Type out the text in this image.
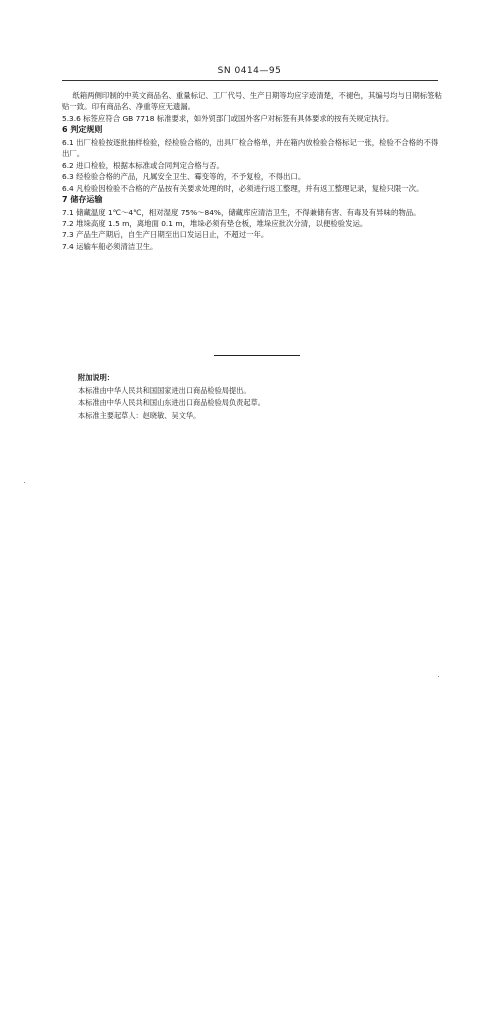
SN 0414—95

纸箱两侧印制的中英文商品名、重量标记、工厂代号、生产日期等均应字迹清楚，不褪色，其编号均与日期标签粘贴一致。印有商品名、净重等应无遗漏。

5.3.6 标签应符合 GB 7718 标准要求，如外贸部门或国外客户对标签有具体要求的按有关规定执行。

6 判定规则

6.1 出厂检验按逐批抽样检验，经检验合格的，出具厂检合格单，并在箱内放检验合格标记一张，检验不合格的不得出厂。

6.2 进口检验，根据本标准或合同判定合格与否。

6.3 经检验合格的产品，凡属安全卫生、霉变等的，不予复检，不得出口。

6.4 凡检验因检验不合格的产品按有关要求处理的时，必须进行返工整理，并有返工整理记录，复检只限一次。

7 储存运输

7.1 储藏温度 1℃～4℃，相对湿度 75%～84%，储藏库应清洁卫生，不得兼储有害、有毒及有异味的物品。

7.2 堆垛高度 1.5 m，离地面 0.1 m，堆垛必须有垫仓板，堆垛应批次分清，以便检验发运。

7.3 产品生产期后，自生产日期至出口发运日止，不超过一年。

7.4 运输车船必须清洁卫生。

附加说明：

本标准由中华人民共和国国家进出口商品检验局提出。

本标准由中华人民共和国山东进出口商品检验局负责起草。

本标准主要起草人：赵晓敏、吴文华。
